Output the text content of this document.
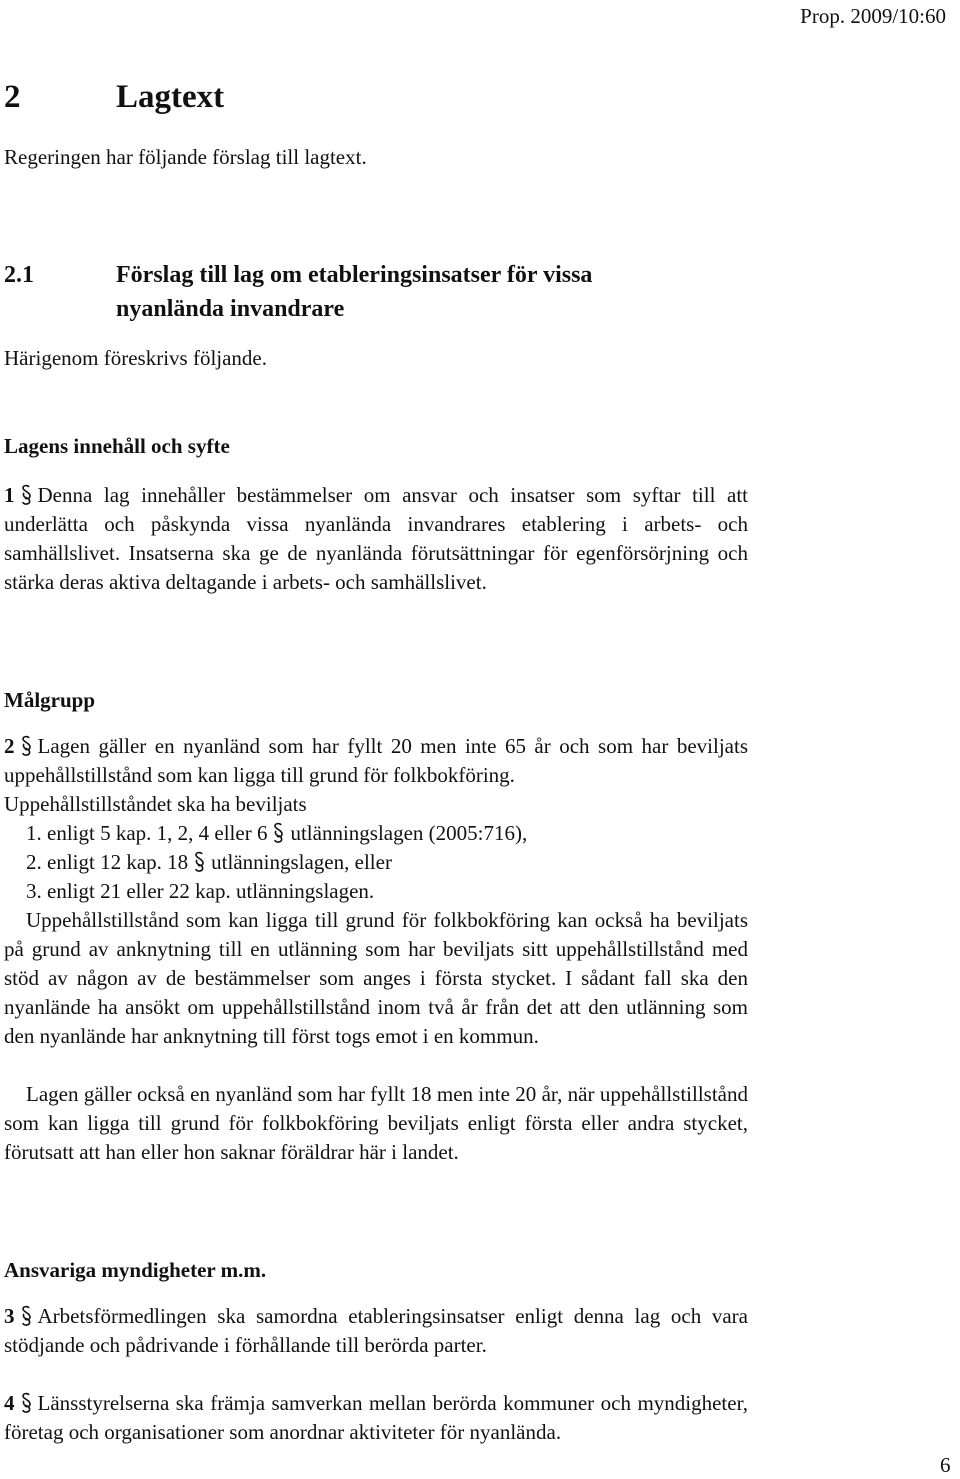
Prop. 2009/10:60
2	Lagtext

Regeringen har följande förslag till lagtext.

2.1	Förslag till lag om etableringsinsatser för vissa
nyanlända invandrare

Härigenom föreskrivs följande.

Lagens innehåll och syfte

1 Denna lag innehåller bestämmelser om ansvar och insatser som syftar till att underlätta och påskynda vissa nyanlända invandrares etablering i arbets- och samhällslivet. Insatserna ska ge de nyanlända förutsättningar för egenförsörjning och stärka deras aktiva deltagande i arbets- och samhällslivet.

Målgrupp

2 Lagen gäller en nyanländ som har fyllt 20 men inte 65 år och som har beviljats uppehållstillstånd som kan ligga till grund för folkbokföring.

Uppehållstillståndet ska ha beviljats

1. enligt 5 kap. 1, 2, 4 eller 6 utlänningslagen (2005:716),

2. enligt 12 kap. 18 utlänningslagen, eller

3. enligt 21 eller 22 kap. utlänningslagen.

Uppehållstillstånd som kan ligga till grund för folkbokföring kan också ha beviljats på grund av anknytning till en utlänning som har beviljats sitt uppehållstillstånd med stöd av någon av de bestämmelser som anges i första stycket. I sådant fall ska den nyanlände ha ansökt om uppehållstillstånd inom två år från det att den utlänning som den nyanlände har anknytning till först togs emot i en kommun.

Lagen gäller också en nyanländ som har fyllt 18 men inte 20 år, när uppehållstillstånd som kan ligga till grund för folkbokföring beviljats enligt första eller andra stycket, förutsatt att han eller hon saknar föräldrar här i landet.

Ansvariga myndigheter m.m.

3 Arbetsförmedlingen ska samordna etableringsinsatser enligt denna lag och vara stödjande och pådrivande i förhållande till berörda parter.

4 Länsstyrelserna ska främja samverkan mellan berörda kommuner och myndigheter, företag och organisationer som anordnar aktiviteter för nyanlända.

6
